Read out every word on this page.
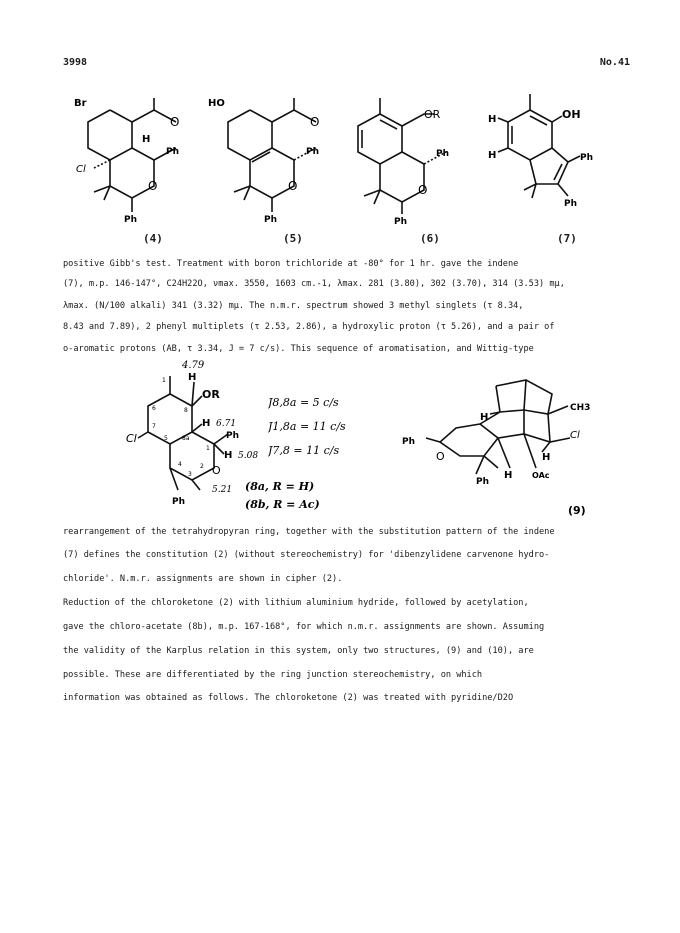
3998	No.41
Br
O
H
Cl
Ph
O
Ph
HO
O
Ph
O
Ph
OR
Ph
O
Ph
H	OH
H	Ph
Ph
(4)	(5)	(6)	(7)
positive Gibb's test. Treatment with boron trichloride at -80° for 1 hr. gave the indene
(7), m.p. 146-147°, C24H22O, νmax. 3550, 1603 cm.-1, λmax. 281 (3.80), 302 (3.70), 314 (3.53) mμ,
λmax. (N/100 alkali) 341 (3.32) mμ. The n.m.r. spectrum showed 3 methyl singlets (τ 8.34,
8.43 and 7.89), 2 phenyl multiplets (τ 2.53, 2.86), a hydroxylic proton (τ 5.26), and a pair of
o-aromatic protons (AB, τ 3.34, J = 7 c/s). This sequence of aromatisation, and Wittig-type
4.79
H
OR
H 6.71
Ph
H 5.08
Cl
O
5.21
Ph
1
8
6
7
5 8a
4
3
2
1
J8,8a = 5 c/s
J1,8a = 11 c/s
J7,8 = 11 c/s
(8a, R = H)
(8b, R = Ac)
H
CH3
Cl
H
Ph
O
Ph
OAc
H
(9)
rearrangement of the tetrahydropyran ring, together with the substitution pattern of the indene
(7) defines the constitution (2) (without stereochemistry) for 'dibenzylidene carvenone hydro-
chloride'. N.m.r. assignments are shown in cipher (2).
Reduction of the chloroketone (2) with lithium aluminium hydride, followed by acetylation,
gave the chloro-acetate (8b), m.p. 167-168°, for which n.m.r. assignments are shown. Assuming
the validity of the Karplus relation in this system, only two structures, (9) and (10), are
possible. These are differentiated by the ring junction stereochemistry, on which
information was obtained as follows. The chloroketone (2) was treated with pyridine/D2O
